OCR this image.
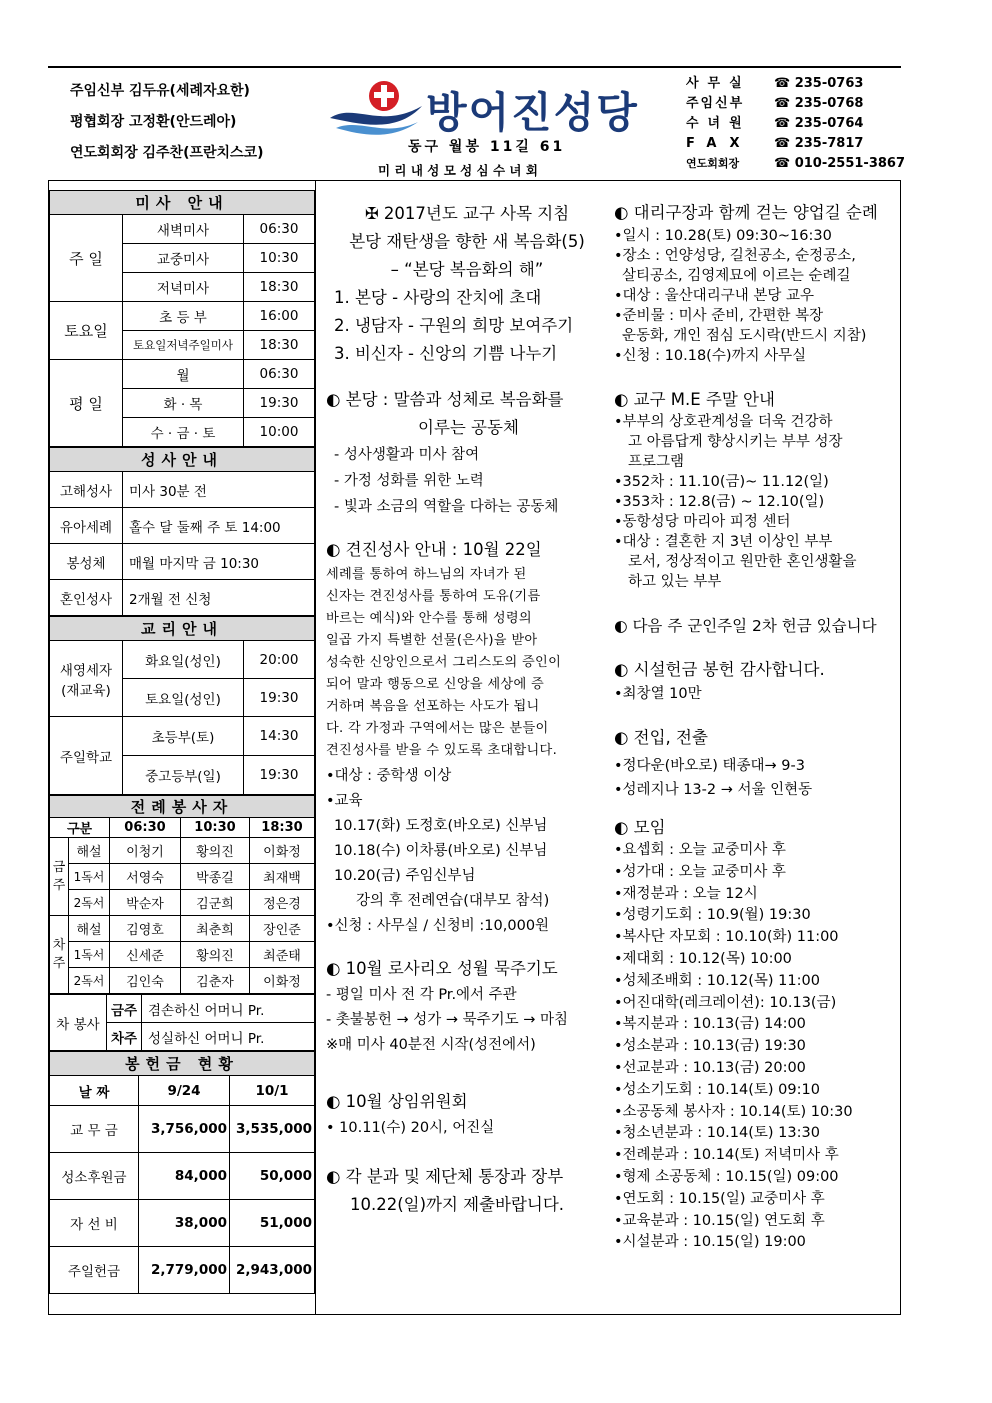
주임신부 김두유(세례자요한)
평협회장 고정환(안드레아)
연도회회장 김주찬(프란치스코)
방어진성당
동구 월봉 11길 61
미 리 내 성 모 성 심 수 녀 회
사무실	☎ 235-0763
주임신부	☎ 235-0768
수녀원	☎ 235-0764
FAX	☎ 235-7817
연도회회장	☎ 010-2551-3867
미사 안내		
주 일	새벽미사	06:30
	교중미사	10:30
	저녁미사	18:30
토요일	초 등 부	16:00
	토요일저녁주일미사	18:30
평 일	월	06:30
	화 · 목	19:30
	수 · 금 · 토	10:00
성사안내	
고해성사	미사 30분 전
유아세례	홀수 달 둘째 주 토 14:00
봉성체	매월 마지막 금 10:30
혼인성사	2개월 전 신청
교리안내		
새영세자
(재교육)	화요일(성인)	20:00
	토요일(성인)	19:30
주일학교	초등부(토)	14:30
	중고등부(일)	19:30
전례봉사자				
구분		06:30	10:30	18:30
금주	해설	이청기	황의진	이화정
	1독서	서영숙	박종길	최재백
	2독서	박순자	김군희	정은경
차주	해설	김영호	최춘희	장인준
	1독서	신세준	황의진	최준태
	2독서	김인숙	김춘자	이화정
차 봉사	금주	겸손하신 어머니 Pr.
	차주	성실하신 어머니 Pr.
봉헌금 현황		
날 짜	9/24	10/1
교 무 금	3,756,000	3,535,000
성소후원금	84,000	50,000
자 선 비	38,000	51,000
주일헌금	2,779,000	2,943,000
✠ 2017년도 교구 사목 지침
본당 재탄생을 향한 새 복음화(5)
– “본당 복음화의 해”
1. 본당 - 사랑의 잔치에 초대
2. 냉담자 - 구원의 희망 보여주기
3. 비신자 - 신앙의 기쁨 나누기
◐ 본당 : 말씀과 성체로 복음화를
이루는 공동체
- 성사생활과 미사 참여
- 가정 성화를 위한 노력
- 빛과 소금의 역할을 다하는 공동체
◐ 견진성사 안내 : 10월 22일
세례를 통하여 하느님의 자녀가 된
신자는 견진성사를 통하여 도유(기름
바르는 예식)와 안수를 통해 성령의
일곱 가지 특별한 선물(은사)을 받아
성숙한 신앙인으로서 그리스도의 증인이
되어 말과 행동으로 신앙을 세상에 증
거하며 복음을 선포하는 사도가 됩니
다. 각 가정과 구역에서는 많은 분들이
견진성사를 받을 수 있도록 초대합니다.
•대상 : 중학생 이상
•교육
10.17(화) 도정호(바오로) 신부님
10.18(수) 이차룡(바오로) 신부님
10.20(금) 주임신부님
강의 후 전례연습(대부모 참석)
•신청 : 사무실 / 신청비 :10,000원
◐ 10월 로사리오 성월 묵주기도
- 평일 미사 전 각 Pr.에서 주관
- 촛불봉헌 → 성가 → 묵주기도 → 마침
※매 미사 40분전 시작(성전에서)
◐ 10월 상임위원회
• 10.11(수) 20시, 어진실
◐ 각 분과 및 제단체 통장과 장부
10.22(일)까지 제출바랍니다.
◐ 대리구장과 함께 걷는 양업길 순례
•일시 : 10.28(토) 09:30~16:30
•장소 : 언양성당, 길천공소, 순정공소,
살티공소, 김영제묘에 이르는 순례길
•대상 : 울산대리구내 본당 교우
•준비물 : 미사 준비, 간편한 복장
운동화, 개인 점심 도시락(반드시 지참)
•신청 : 10.18(수)까지 사무실
◐ 교구 M.E 주말 안내
•부부의 상호관계성을 더욱 건강하
고 아름답게 향상시키는 부부 성장
프로그램
•352차 : 11.10(금)~ 11.12(일)
•353차 : 12.8(금) ~ 12.10(일)
•동항성당 마리아 피정 센터
•대상 : 결혼한 지 3년 이상인 부부
로서, 정상적이고 원만한 혼인생활을
하고 있는 부부
◐ 다음 주 군인주일 2차 헌금 있습니다
◐ 시설헌금 봉헌 감사합니다.
•최창열 10만
◐ 전입, 전출
•정다운(바오로) 태종대→ 9-3
•성레지나 13-2 → 서울 인현동
◐ 모임
•요셉회 : 오늘 교중미사 후
•성가대 : 오늘 교중미사 후
•재정분과 : 오늘 12시
•성령기도회 : 10.9(월) 19:30
•복사단 자모회 : 10.10(화) 11:00
•제대회 : 10.12(목) 10:00
•성체조배회 : 10.12(목) 11:00
•어진대학(레크레이션): 10.13(금)
•복지분과 : 10.13(금) 14:00
•성소분과 : 10.13(금) 19:30
•선교분과 : 10.13(금) 20:00
•성소기도회 : 10.14(토) 09:10
•소공동체 봉사자 : 10.14(토) 10:30
•청소년분과 : 10.14(토) 13:30
•전례분과 : 10.14(토) 저녁미사 후
•형제 소공동체 : 10.15(일) 09:00
•연도회 : 10.15(일) 교중미사 후
•교육분과 : 10.15(일) 연도회 후
•시설분과 : 10.15(일) 19:00
